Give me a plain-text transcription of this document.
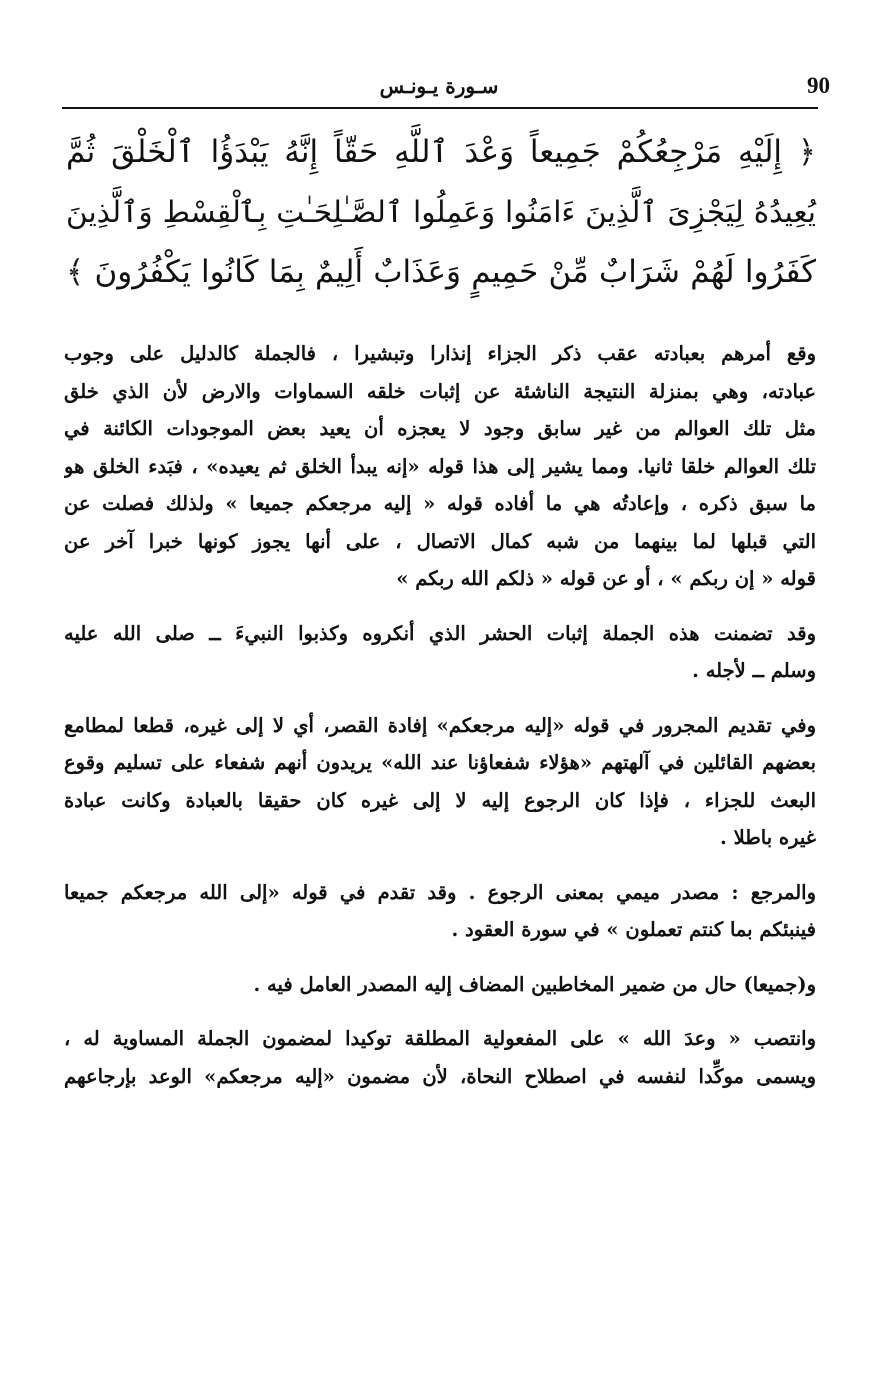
سـورة يـونـس	90
﴿ إِلَيْهِ مَرْجِعُكُمْ جَمِيعاً وَعْدَ ٱللَّهِ حَقّاً إِنَّهُ يَبْدَؤُا ٱلْخَلْقَ ثُمَّ
يُعِيدُهُ لِيَجْزِىَ ٱلَّذِينَ ءَامَنُوا وَعَمِلُوا ٱلصَّـٰلِحَـٰتِ بِٱلْقِسْطِ وَٱلَّذِينَ
كَفَرُوا لَهُمْ شَرَابٌ مِّنْ حَمِيمٍ وَعَذَابٌ أَلِيمٌ بِمَا كَانُوا يَكْفُرُونَ ﴾
وقع أمرهم بعبادته عقب ذكر الجزاء إنذارا وتبشيرا ، فالجملة كالدليل على وجوب
عبادته، وهي بمنزلة النتيجة الناشئة عن إثبات خلقه السماوات والارض لأن الذي خلق
مثل تلك العوالم من غير سابق وجود لا يعجزه أن يعيد بعض الموجودات الكائنة في
تلك العوالم خلقا ثانيا. ومما يشير إلى هذا قوله «إنه يبدأ الخلق ثم يعيده» ، فبَدء الخلق هو
ما سبق ذكره ، وإعادتُه هي ما أفاده قوله « إليه مرجعكم جميعا » ولذلك فصلت عن
التي قبلها لما بينهما من شبه كمال الاتصال ، على أنها يجوز كونها خبرا آخر عن
قوله « إن ربكم » ، أو عن قوله « ذلكم الله ربكم »
وقد تضمنت هذه الجملة إثبات الحشر الذي أنكروه وكذبوا النبيءَ ــ صلى الله عليه
وسلم ــ لأجله .
وفي تقديم المجرور في قوله «إليه مرجعكم» إفادة القصر، أي لا إلى غيره، قطعا لمطامع
بعضهم القائلين في آلهتهم «هؤلاء شفعاؤنا عند الله» يريدون أنهم شفعاء على تسليم وقوع
البعث للجزاء ، فإذا كان الرجوع إليه لا إلى غيره كان حقيقا بالعبادة وكانت عبادة
غيره باطلا .
والمرجع : مصدر ميمي بمعنى الرجوع . وقد تقدم في قوله «إلى الله مرجعكم جميعا
فينبئكم بما كنتم تعملون » في سورة العقود .
و(جميعا) حال من ضمير المخاطبين المضاف إليه المصدر العامل فيه .
وانتصب « وعدَ الله » على المفعولية المطلقة توكيدا لمضمون الجملة المساوية له ،
ويسمى موكِّدا لنفسه في اصطلاح النحاة، لأن مضمون «إليه مرجعكم» الوعد بإرجاعهم
